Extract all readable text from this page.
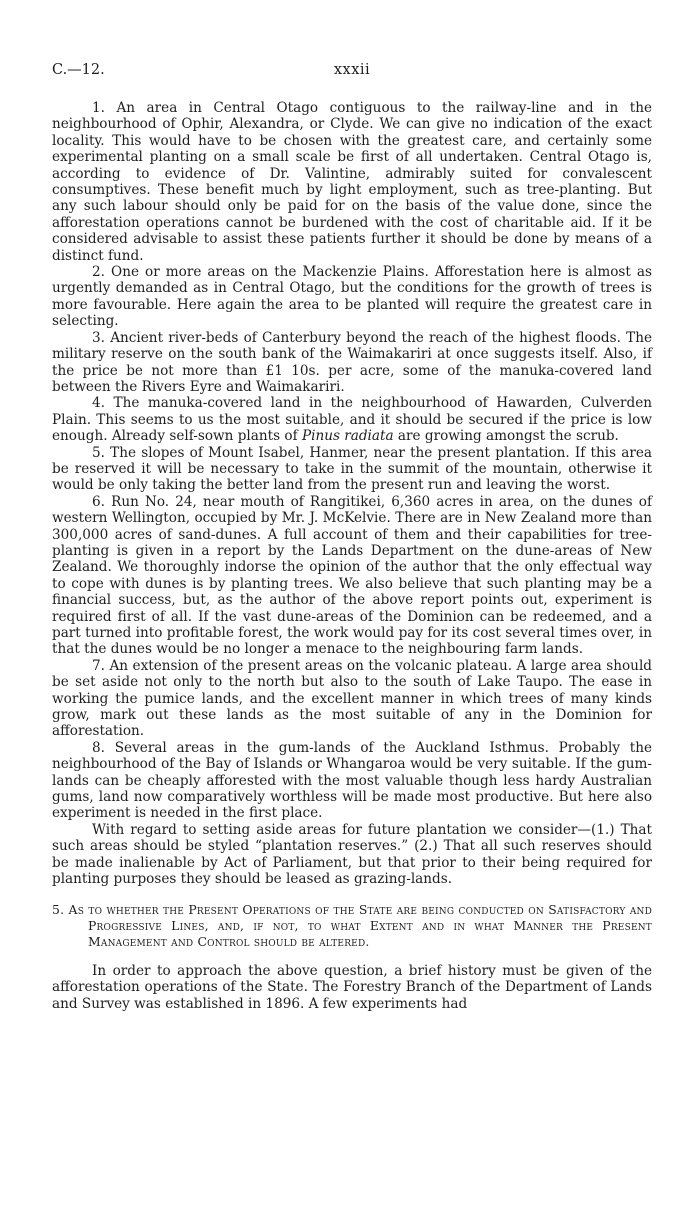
C.—12.	xxxii

1. An area in Central Otago contiguous to the railway-line and in the neighbourhood of Ophir, Alexandra, or Clyde. We can give no indication of the exact locality. This would have to be chosen with the greatest care, and certainly some experimental planting on a small scale be first of all undertaken. Central Otago is, according to evidence of Dr. Valintine, admirably suited for convalescent consumptives. These benefit much by light employment, such as tree-planting. But any such labour should only be paid for on the basis of the value done, since the afforestation operations cannot be burdened with the cost of charitable aid. If it be considered advisable to assist these patients further it should be done by means of a distinct fund.

2. One or more areas on the Mackenzie Plains. Afforestation here is almost as urgently demanded as in Central Otago, but the conditions for the growth of trees is more favourable. Here again the area to be planted will require the greatest care in selecting.

3. Ancient river-beds of Canterbury beyond the reach of the highest floods. The military reserve on the south bank of the Waimakariri at once suggests itself. Also, if the price be not more than £1 10s. per acre, some of the manuka-covered land between the Rivers Eyre and Waimakariri.

4. The manuka-covered land in the neighbourhood of Hawarden, Culverden Plain. This seems to us the most suitable, and it should be secured if the price is low enough. Already self-sown plants of Pinus radiata are growing amongst the scrub.

5. The slopes of Mount Isabel, Hanmer, near the present plantation. If this area be reserved it will be necessary to take in the summit of the mountain, otherwise it would be only taking the better land from the present run and leaving the worst.

6. Run No. 24, near mouth of Rangitikei, 6,360 acres in area, on the dunes of western Wellington, occupied by Mr. J. McKelvie. There are in New Zealand more than 300,000 acres of sand-dunes. A full account of them and their capabilities for tree-planting is given in a report by the Lands Department on the dune-areas of New Zealand. We thoroughly indorse the opinion of the author that the only effectual way to cope with dunes is by planting trees. We also believe that such planting may be a financial success, but, as the author of the above report points out, experiment is required first of all. If the vast dune-areas of the Dominion can be redeemed, and a part turned into profitable forest, the work would pay for its cost several times over, in that the dunes would be no longer a menace to the neighbouring farm lands.

7. An extension of the present areas on the volcanic plateau. A large area should be set aside not only to the north but also to the south of Lake Taupo. The ease in working the pumice lands, and the excellent manner in which trees of many kinds grow, mark out these lands as the most suitable of any in the Dominion for afforestation.

8. Several areas in the gum-lands of the Auckland Isthmus. Probably the neighbourhood of the Bay of Islands or Whangaroa would be very suitable. If the gum-lands can be cheaply afforested with the most valuable though less hardy Australian gums, land now comparatively worthless will be made most productive. But here also experiment is needed in the first place.

With regard to setting aside areas for future plantation we consider—(1.) That such areas should be styled “plantation reserves.” (2.) That all such reserves should be made inalienable by Act of Parliament, but that prior to their being required for planting purposes they should be leased as grazing-lands.

5. As to whether the Present Operations of the State are being conducted on Satisfactory and Progressive Lines, and, if not, to what Extent and in what Manner the Present Management and Control should be altered.

In order to approach the above question, a brief history must be given of the afforestation operations of the State. The Forestry Branch of the Department of Lands and Survey was established in 1896. A few experiments had
